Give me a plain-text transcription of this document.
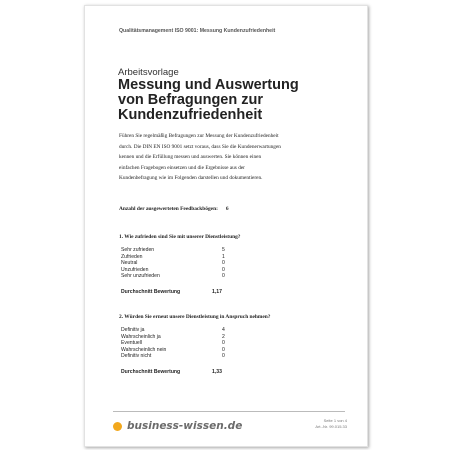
Qualitätsmanagement ISO 9001: Messung Kundenzufriedenheit
Arbeitsvorlage
Messung und Auswertung
von Befragungen zur
Kundenzufriedenheit
Führen Sie regelmäßig Befragungen zur Messung der Kundenzufriedenheit
durch. Die DIN EN ISO 9001 setzt voraus, dass Sie die Kundenerwartungen
kennen und die Erfüllung messen und auswerten. Sie können einen
einfachen Fragebogen einsetzen und die Ergebnisse aus der
Kundenbefragung wie im Folgenden darstellen und dokumentieren.
Anzahl der ausgewerteten Feedbackbögen: 6
1. Wie zufrieden sind Sie mit unserer Dienstleistung?
Sehr zufrieden	5
Zufrieden	1
Neutral	0
Unzufrieden	0
Sehr unzufrieden	0
Durchschnitt Bewertung	1,17
2. Würden Sie erneut unsere Dienstleistung in Anspruch nehmen?
Definitiv ja	4
Wahrscheinlich ja	2
Eventuell	0
Wahrscheinlich nein	0
Definitiv nicht	0
Durchschnitt Bewertung	1,33
business-wissen.de	Seite 1 von 4
Art.-Nr. 99.015.33
